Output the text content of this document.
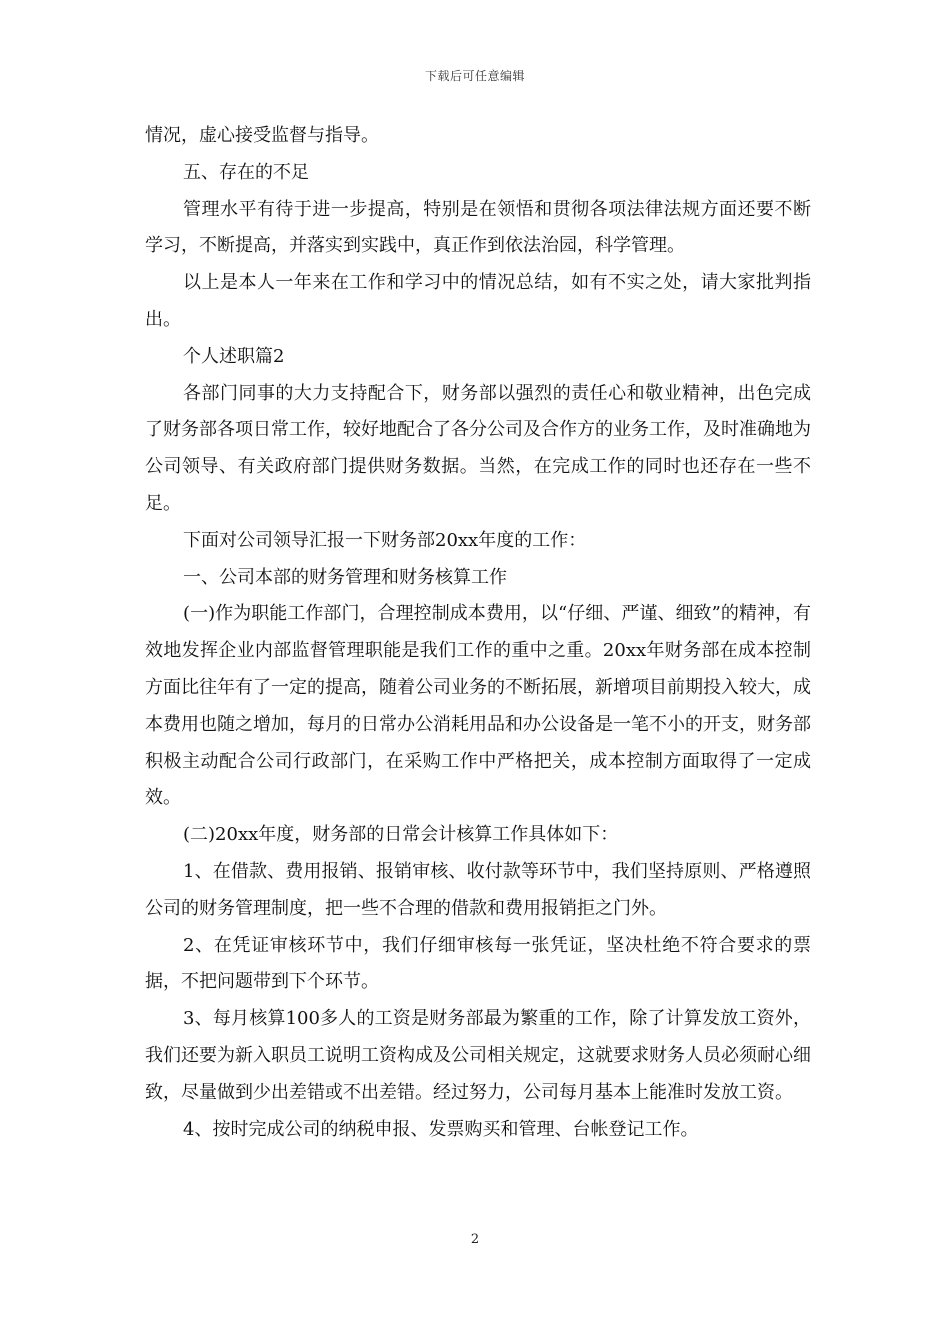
下载后可任意编辑

情况，虚心接受监督与指导。

五、存在的不足

管理水平有待于进一步提高，特别是在领悟和贯彻各项法律法规方面还要不断学习，不断提高，并落实到实践中，真正作到依法治园，科学管理。

以上是本人一年来在工作和学习中的情况总结，如有不实之处，请大家批判指出。

个人述职篇2

各部门同事的大力支持配合下，财务部以强烈的责任心和敬业精神，出色完成了财务部各项日常工作，较好地配合了各分公司及合作方的业务工作，及时准确地为公司领导、有关政府部门提供财务数据。当然，在完成工作的同时也还存在一些不足。

下面对公司领导汇报一下财务部20xx年度的工作：

一、公司本部的财务管理和财务核算工作

(一)作为职能工作部门，合理控制成本费用，以“仔细、严谨、细致”的精神，有效地发挥企业内部监督管理职能是我们工作的重中之重。20xx年财务部在成本控制方面比往年有了一定的提高，随着公司业务的不断拓展，新增项目前期投入较大，成本费用也随之增加，每月的日常办公消耗用品和办公设备是一笔不小的开支，财务部积极主动配合公司行政部门，在采购工作中严格把关，成本控制方面取得了一定成效。

(二)20xx年度，财务部的日常会计核算工作具体如下：

1、在借款、费用报销、报销审核、收付款等环节中，我们坚持原则、严格遵照公司的财务管理制度，把一些不合理的借款和费用报销拒之门外。

2、在凭证审核环节中，我们仔细审核每一张凭证，坚决杜绝不符合要求的票据，不把问题带到下个环节。

3、每月核算100多人的工资是财务部最为繁重的工作，除了计算发放工资外，我们还要为新入职员工说明工资构成及公司相关规定，这就要求财务人员必须耐心细致，尽量做到少出差错或不出差错。经过努力，公司每月基本上能准时发放工资。

4、按时完成公司的纳税申报、发票购买和管理、台帐登记工作。

2
